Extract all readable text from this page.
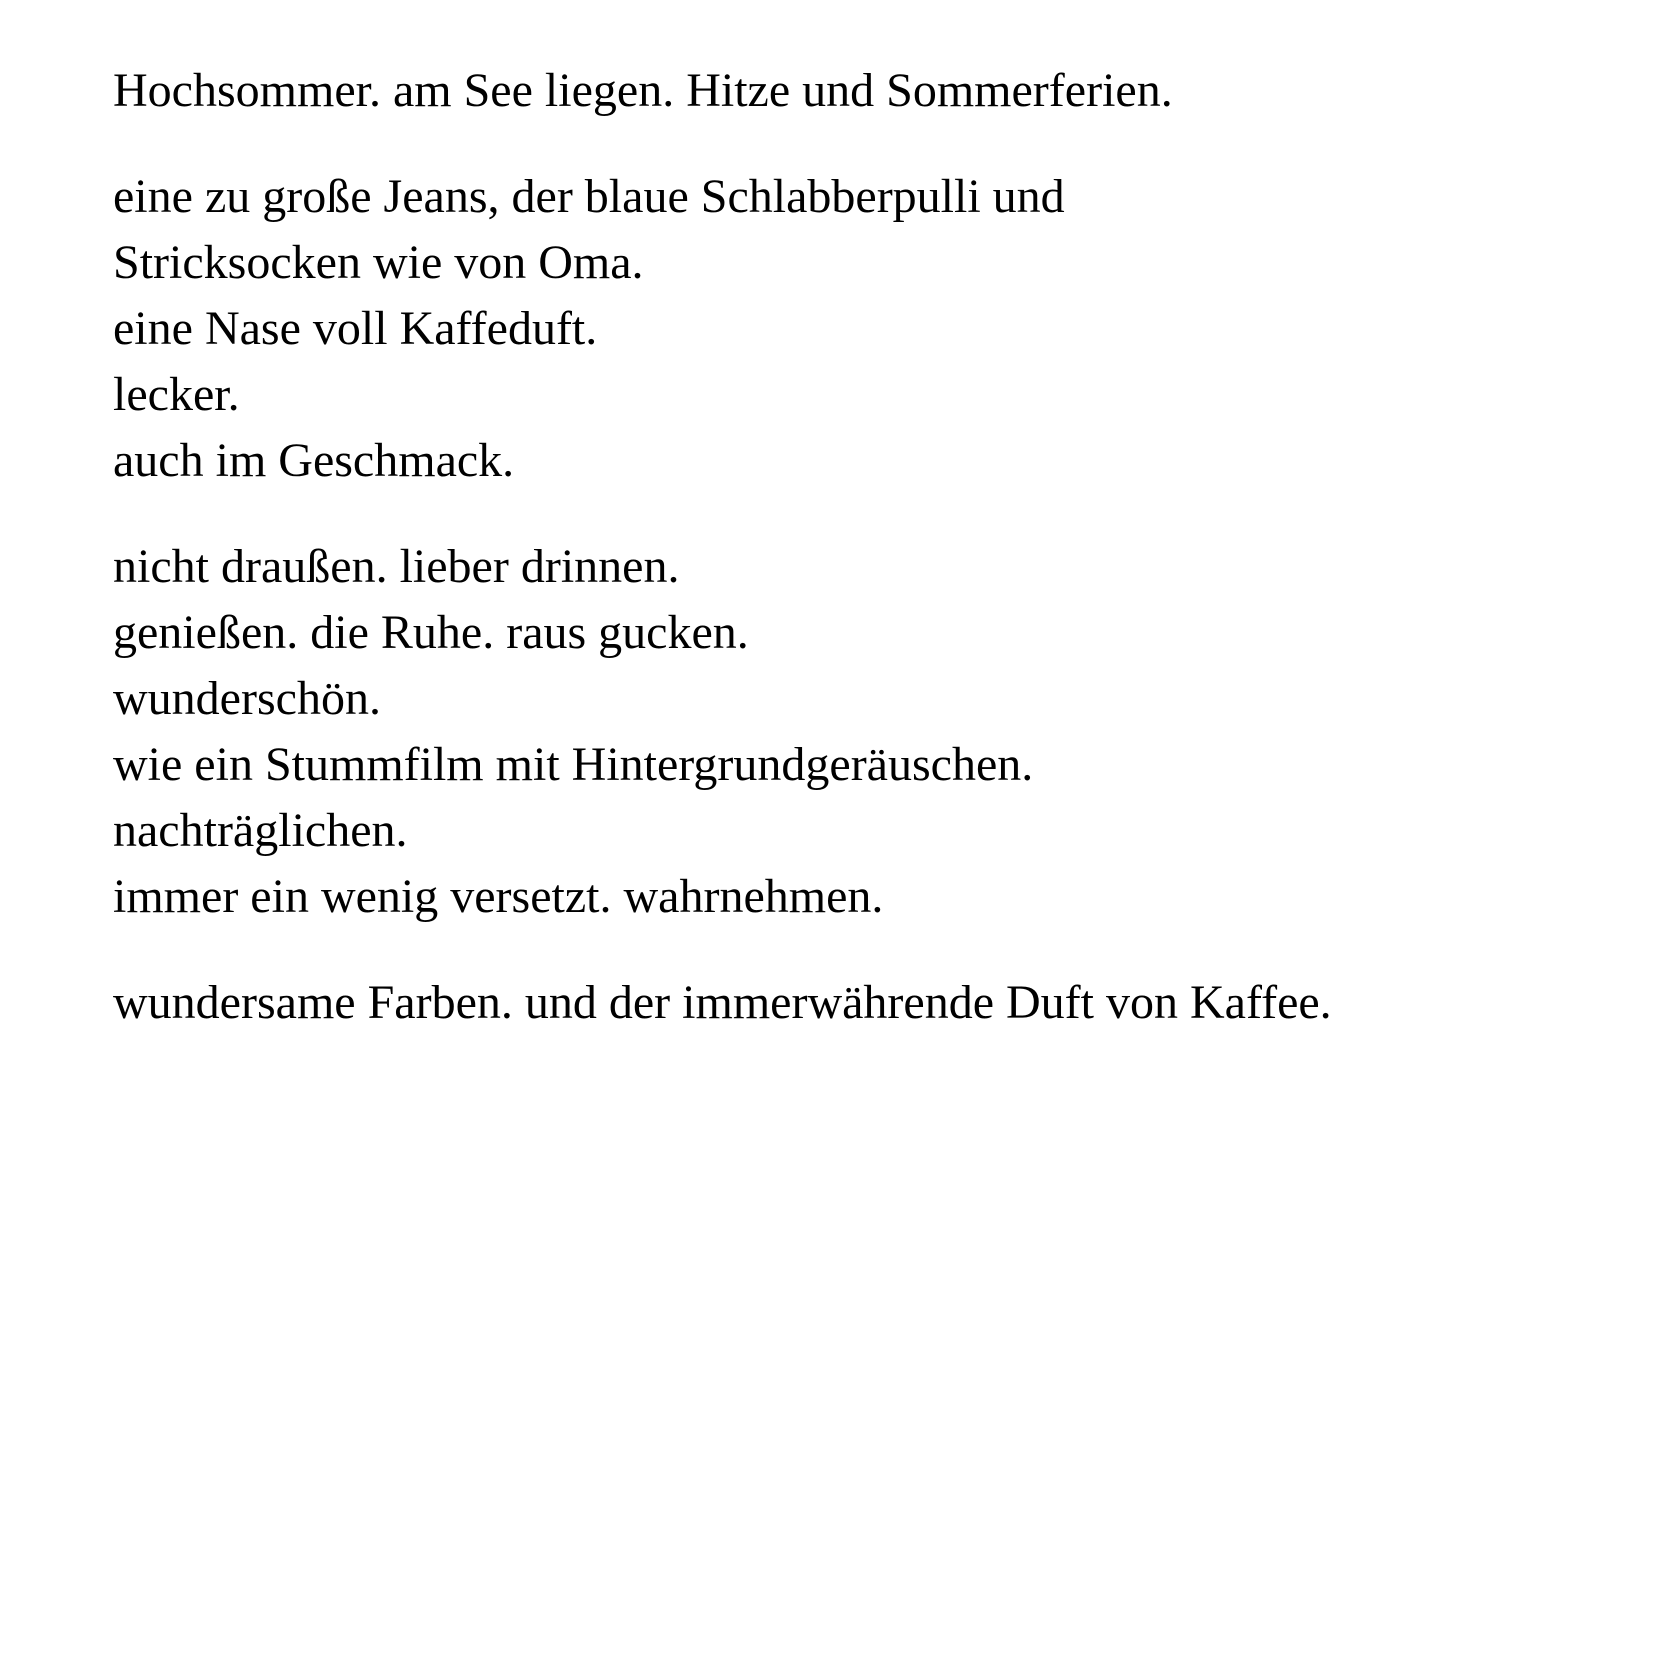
Hochsommer. am See liegen. Hitze und Sommerferien.
eine zu große Jeans, der blaue Schlabberpulli und
Stricksocken wie von Oma.
eine Nase voll Kaffeduft.
lecker.
auch im Geschmack.
nicht draußen. lieber drinnen.
genießen. die Ruhe. raus gucken.
wunderschön.
wie ein Stummfilm mit Hintergrundgeräuschen.
nachträglichen.
immer ein wenig versetzt. wahrnehmen.
wundersame Farben. und der immerwährende Duft von Kaffee.
